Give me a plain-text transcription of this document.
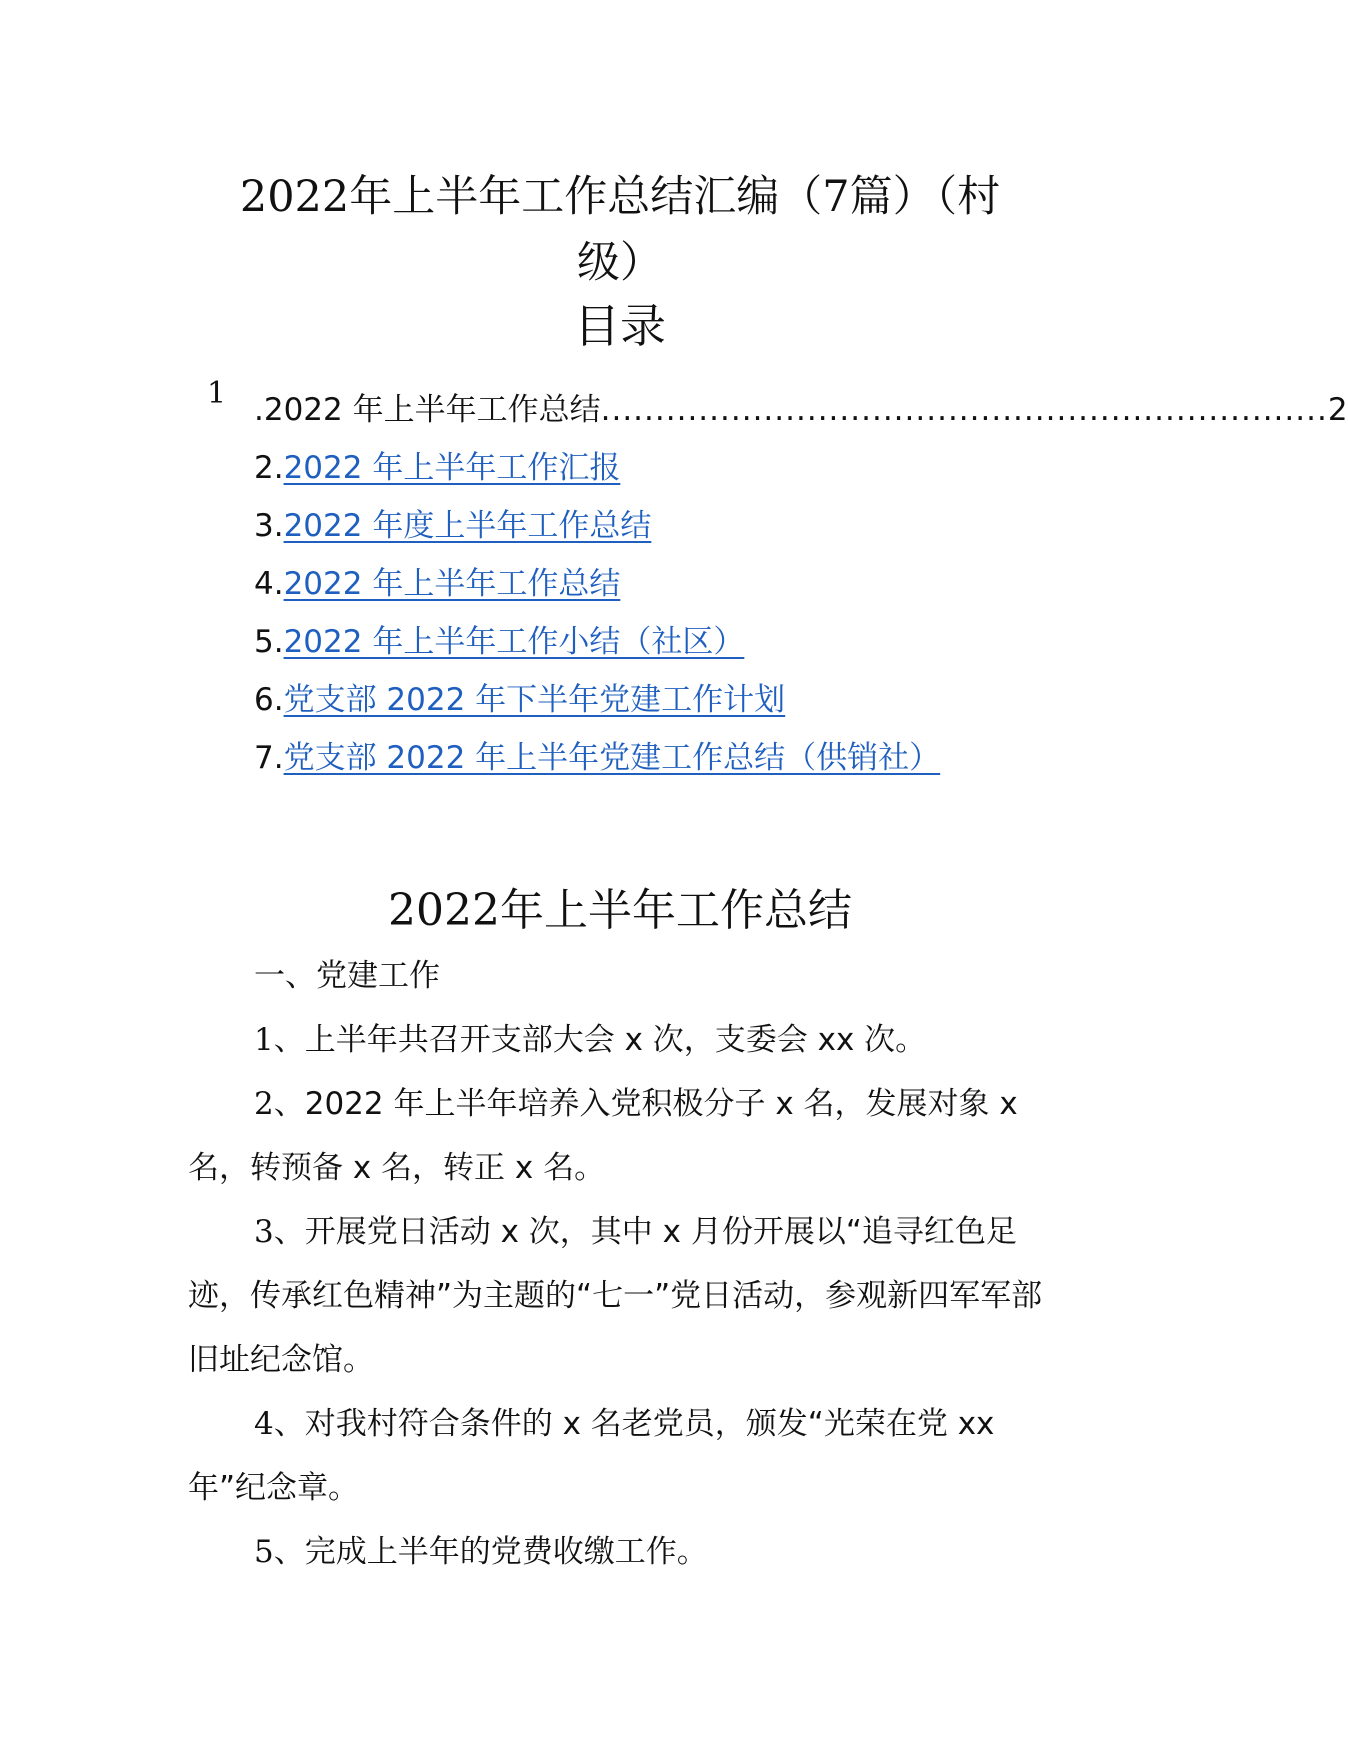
2022年上半年工作总结汇编（7篇）（村
级）
目录
1 .2022 年上半年工作总结 ................................................................... 2
2.2022 年上半年工作汇报
3.2022 年度上半年工作总结
4.2022 年上半年工作总结
5.2022 年上半年工作小结（社区）
6.党支部 2022 年下半年党建工作计划
7.党支部 2022 年上半年党建工作总结（供销社）
2022年上半年工作总结

一、党建工作

1、上半年共召开支部大会 x 次，支委会 xx 次。

2、2022 年上半年培养入党积极分子 x 名，发展对象 x 名，转预备 x 名，转正 x 名。

3、开展党日活动 x 次，其中 x 月份开展以“追寻红色足迹，传承红色精神”为主题的“七一”党日活动，参观新四军军部旧址纪念馆。

4、对我村符合条件的 x 名老党员，颁发“光荣在党 xx 年”纪念章。

5、完成上半年的党费收缴工作。
